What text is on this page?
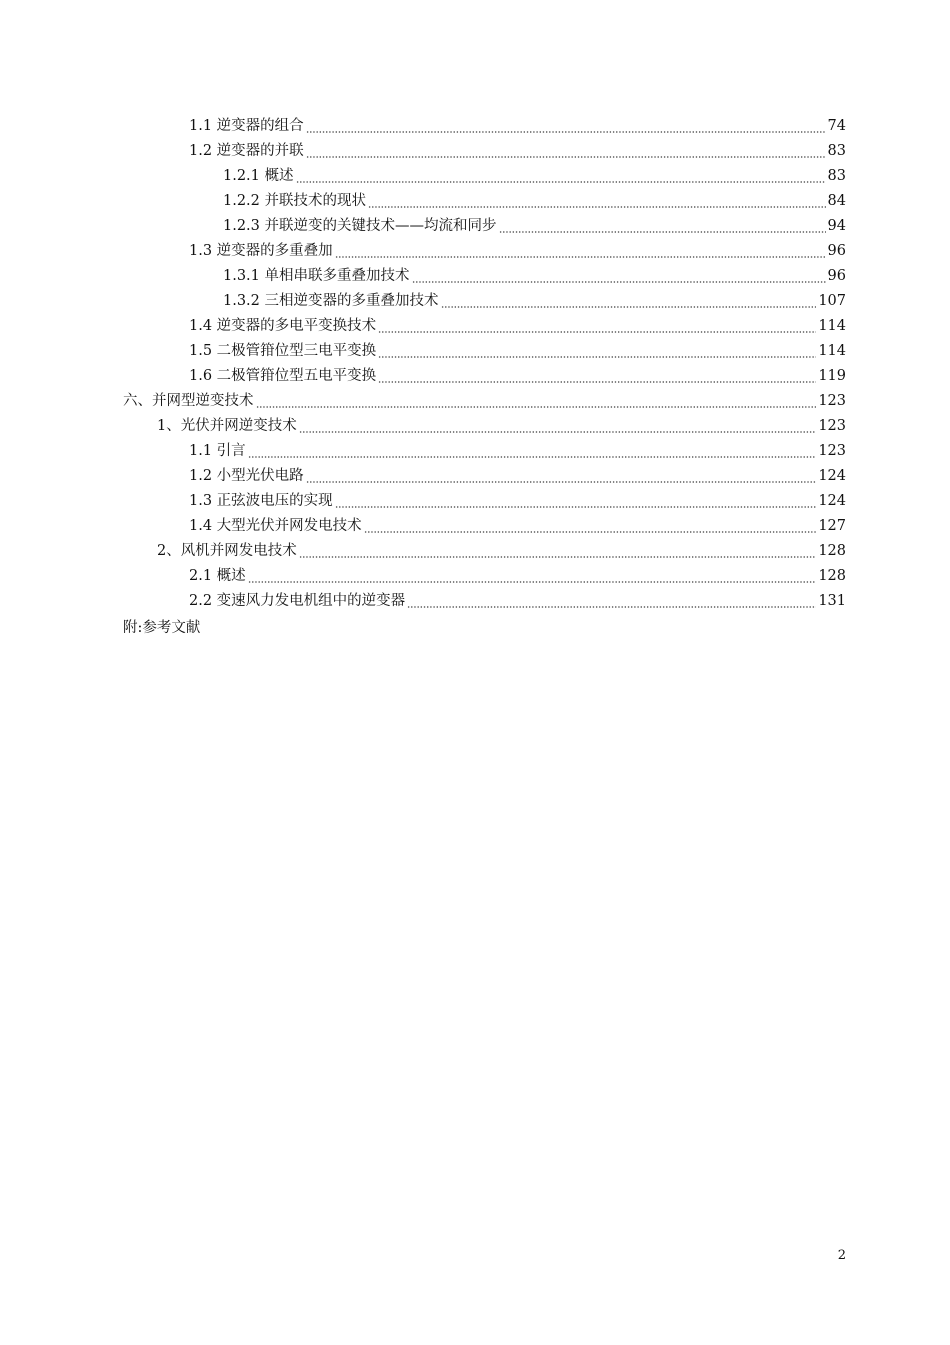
1.1 逆变器的组合	74
1.2 逆变器的并联	83
1.2.1 概述	83
1.2.2 并联技术的现状	84
1.2.3 并联逆变的关键技术——均流和同步	94
1.3 逆变器的多重叠加	96
1.3.1 单相串联多重叠加技术	96
1.3.2 三相逆变器的多重叠加技术	107
1.4 逆变器的多电平变换技术	114
1.5 二极管箝位型三电平变换	114
1.6 二极管箝位型五电平变换	119
六、并网型逆变技术	123
1、光伏并网逆变技术	123
1.1 引言	123
1.2 小型光伏电路	124
1.3 正弦波电压的实现	124
1.4 大型光伏并网发电技术	127
2、风机并网发电技术	128
2.1 概述	128
2.2 变速风力发电机组中的逆变器	131
附:参考文献
2
